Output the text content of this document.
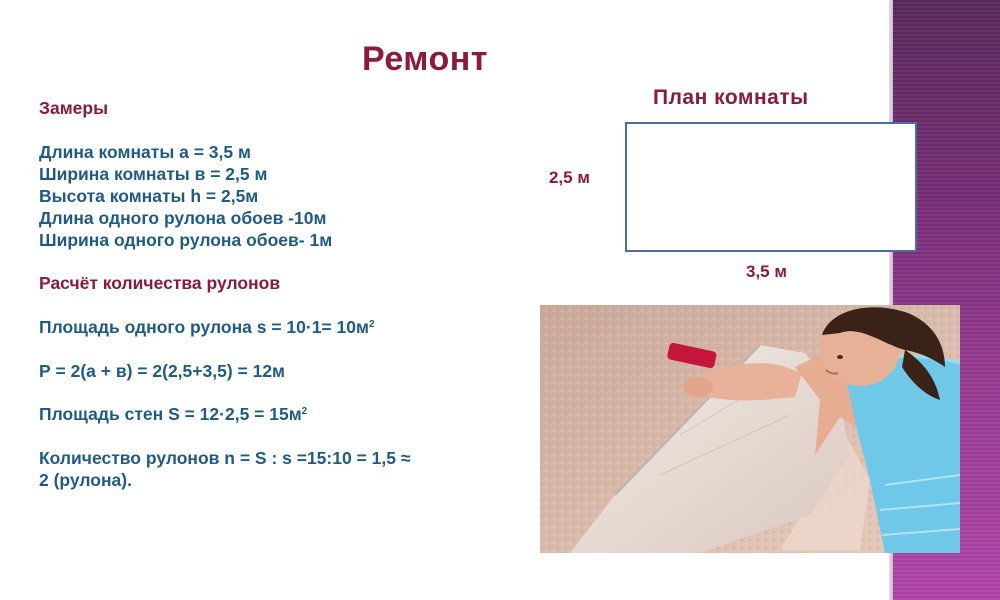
Ремонт
Замеры
Длина комнаты а = 3,5 м
Ширина комнаты в = 2,5 м
Высота комнаты h = 2,5м
Длина одного рулона обоев -10м
Ширина одного рулона обоев- 1м
Расчёт количества рулонов
Площадь одного рулона $s = 10\cdot 1= 10м^2$
Р = 2(а + в) = 2(2,5+3,5) = 12м
Площадь стен $S = 12\cdot 2,5 = 15м^2$
Количество рулонов n = S : s =15:10 = 1,5 ≈
2 (рулона).
План комнаты
2,5 м
3,5 м
